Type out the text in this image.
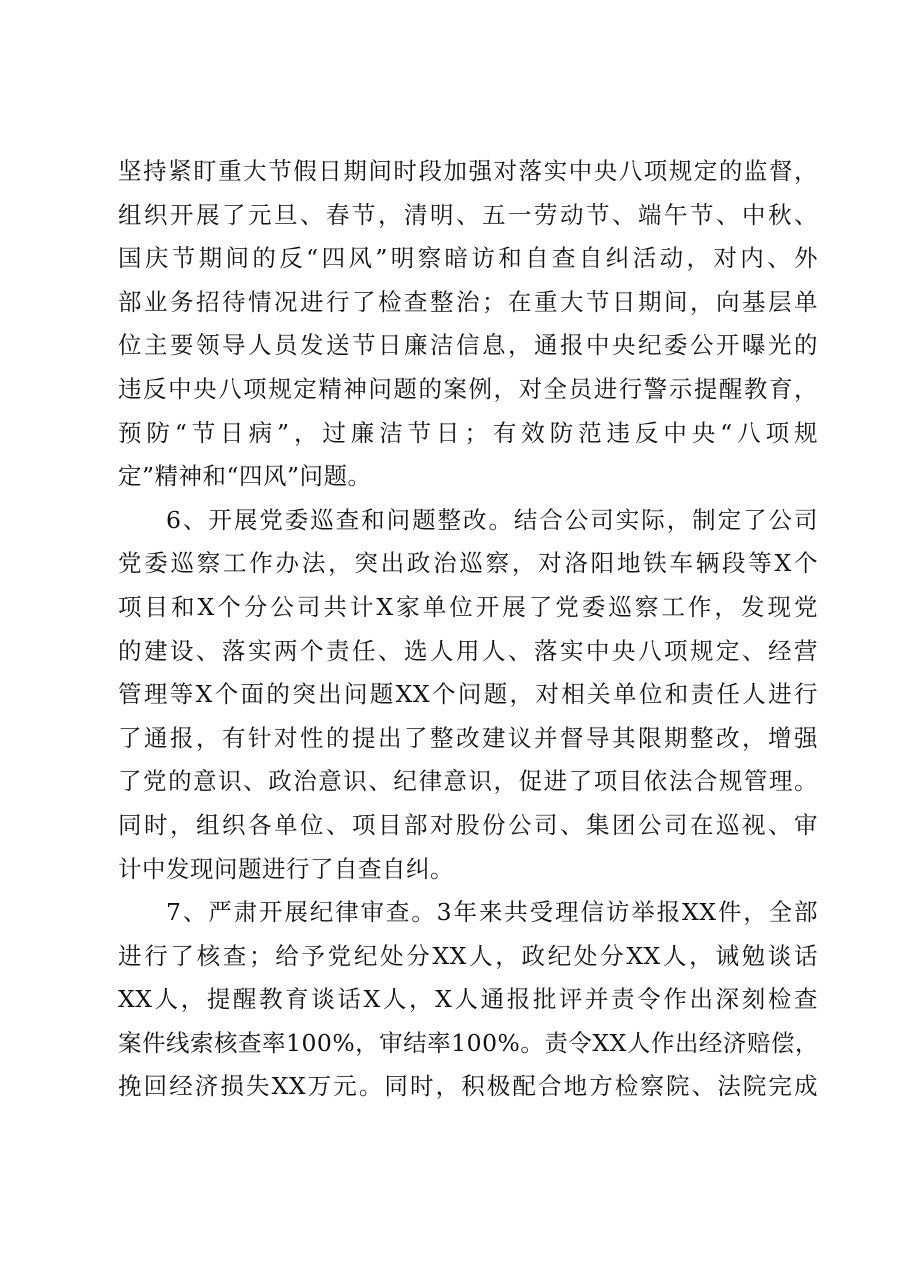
坚持紧盯重大节假日期间时段加强对落实中央八项规定的监督，
组织开展了元旦、春节，清明、五一劳动节、端午节、中秋、
国庆节期间的反“四风”明察暗访和自查自纠活动，对内、外
部业务招待情况进行了检查整治；在重大节日期间，向基层单
位主要领导人员发送节日廉洁信息，通报中央纪委公开曝光的
违反中央八项规定精神问题的案例，对全员进行警示提醒教育，
预防“节日病”，过廉洁节日；有效防范违反中央“八项规
定”精神和“四风”问题。
6、开展党委巡查和问题整改。结合公司实际，制定了公司
党委巡察工作办法，突出政治巡察，对洛阳地铁车辆段等X个
项目和X个分公司共计X家单位开展了党委巡察工作，发现党
的建设、落实两个责任、选人用人、落实中央八项规定、经营
管理等X个面的突出问题XX个问题，对相关单位和责任人进行
了通报，有针对性的提出了整改建议并督导其限期整改，增强
了党的意识、政治意识、纪律意识，促进了项目依法合规管理。
同时，组织各单位、项目部对股份公司、集团公司在巡视、审
计中发现问题进行了自查自纠。
7、严肃开展纪律审查。3年来共受理信访举报XX件，全部
进行了核查；给予党纪处分XX人，政纪处分XX人，诫勉谈话
XX人，提醒教育谈话X人，X人通报批评并责令作出深刻检查
案件线索核查率100%，审结率100%。责令XX人作出经济赔偿，
挽回经济损失XX万元。同时，积极配合地方检察院、法院完成
